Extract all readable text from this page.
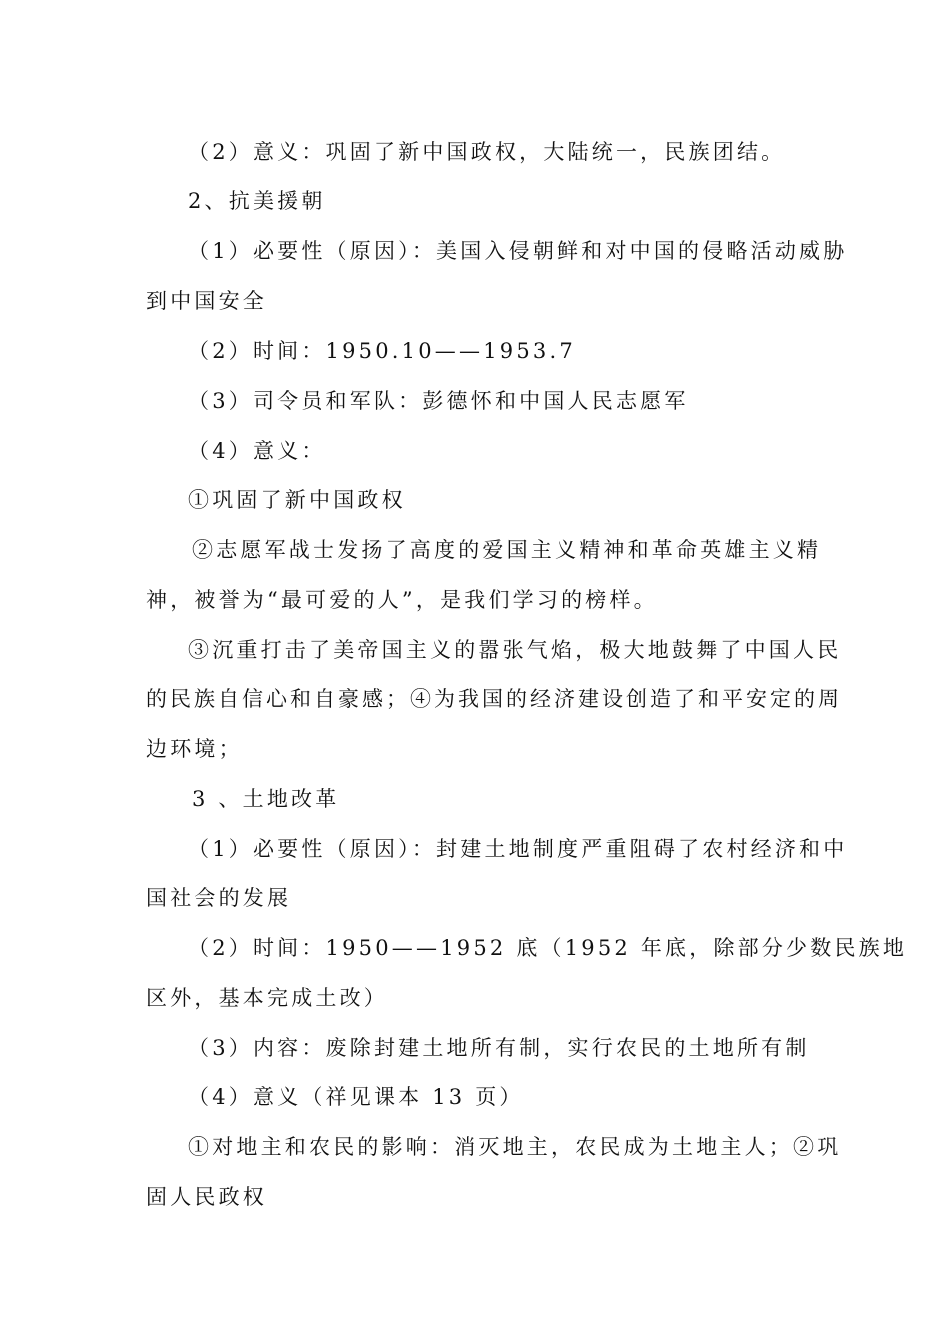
（2）意义：巩固了新中国政权，大陆统一，民族团结。
2、抗美援朝
（1）必要性（原因）：美国入侵朝鲜和对中国的侵略活动威胁
到中国安全
（2）时间：1950.10——1953.7
（3）司令员和军队：彭德怀和中国人民志愿军
（4）意义：
①巩固了新中国政权
②志愿军战士发扬了高度的爱国主义精神和革命英雄主义精
神，被誉为“最可爱的人”，是我们学习的榜样。
③沉重打击了美帝国主义的嚣张气焰，极大地鼓舞了中国人民
的民族自信心和自豪感；④为我国的经济建设创造了和平安定的周
边环境；
3 、土地改革
（1）必要性（原因）：封建土地制度严重阻碍了农村经济和中
国社会的发展
（2）时间：1950——1952 底（1952 年底，除部分少数民族地
区外，基本完成土改）
（3）内容：废除封建土地所有制，实行农民的土地所有制
（4）意义（祥见课本 13 页）
①对地主和农民的影响：消灭地主，农民成为土地主人；②巩
固人民政权
